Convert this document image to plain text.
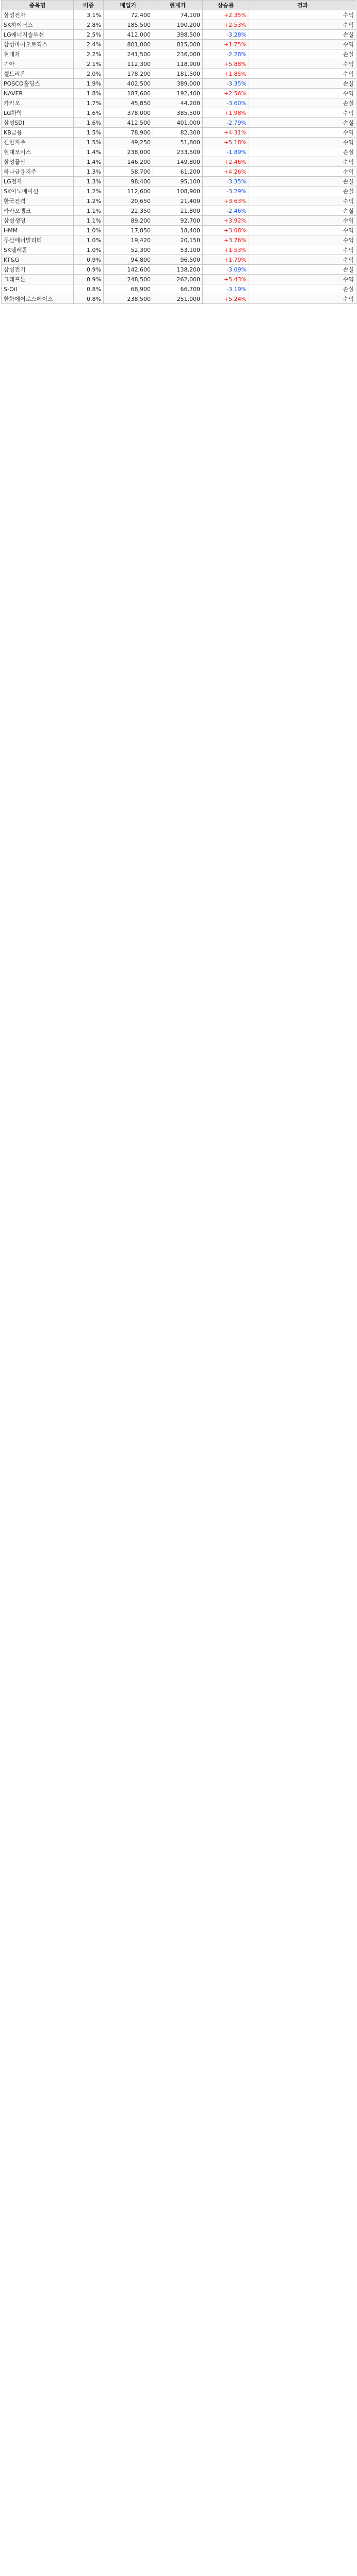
종목명	비중	매입가	현재가	상승률	결과
삼성전자	3.1%	72,400	74,100	+2.35%	수익
SK하이닉스	2.8%	185,500	190,200	+2.53%	수익
LG에너지솔루션	2.5%	412,000	398,500	-3.28%	손실
삼성바이오로직스	2.4%	801,000	815,000	+1.75%	수익
현대차	2.2%	241,500	236,000	-2.28%	손실
기아	2.1%	112,300	118,900	+5.88%	수익
셀트리온	2.0%	178,200	181,500	+1.85%	수익
POSCO홀딩스	1.9%	402,500	389,000	-3.35%	손실
NAVER	1.8%	187,600	192,400	+2.56%	수익
카카오	1.7%	45,850	44,200	-3.60%	손실
LG화학	1.6%	378,000	385,500	+1.98%	수익
삼성SDI	1.6%	412,500	401,000	-2.79%	손실
KB금융	1.5%	78,900	82,300	+4.31%	수익
신한지주	1.5%	49,250	51,800	+5.18%	수익
현대모비스	1.4%	238,000	233,500	-1.89%	손실
삼성물산	1.4%	146,200	149,800	+2.46%	수익
하나금융지주	1.3%	58,700	61,200	+4.26%	수익
LG전자	1.3%	98,400	95,100	-3.35%	손실
SK이노베이션	1.2%	112,600	108,900	-3.29%	손실
한국전력	1.2%	20,650	21,400	+3.63%	수익
카카오뱅크	1.1%	22,350	21,800	-2.46%	손실
삼성생명	1.1%	89,200	92,700	+3.92%	수익
HMM	1.0%	17,850	18,400	+3.08%	수익
두산에너빌리티	1.0%	19,420	20,150	+3.76%	수익
SK텔레콤	1.0%	52,300	53,100	+1.53%	수익
KT&G	0.9%	94,800	96,500	+1.79%	수익
삼성전기	0.9%	142,600	138,200	-3.09%	손실
크래프톤	0.9%	248,500	262,000	+5.43%	수익
S-Oil	0.8%	68,900	66,700	-3.19%	손실
한화에어로스페이스	0.8%	238,500	251,000	+5.24%	수익
